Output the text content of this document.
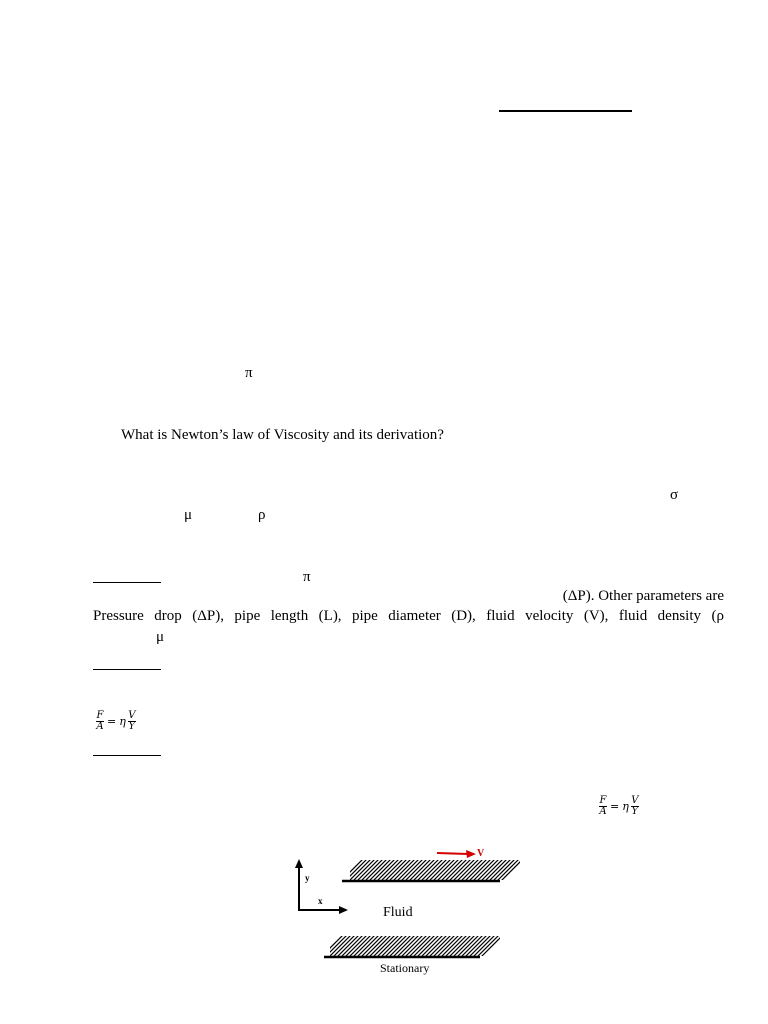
π

What is Newton’s law of Viscosity and its derivation?

σ
μ	ρ
π
(ΔP). Other parameters are
Pressure drop (ΔP), pipe length (L), pipe diameter (D), fluid velocity (V), fluid density (ρ
μ
F
A = η V
Y
F
A = η V
Y
V
y
x
Fluid
Stationary
